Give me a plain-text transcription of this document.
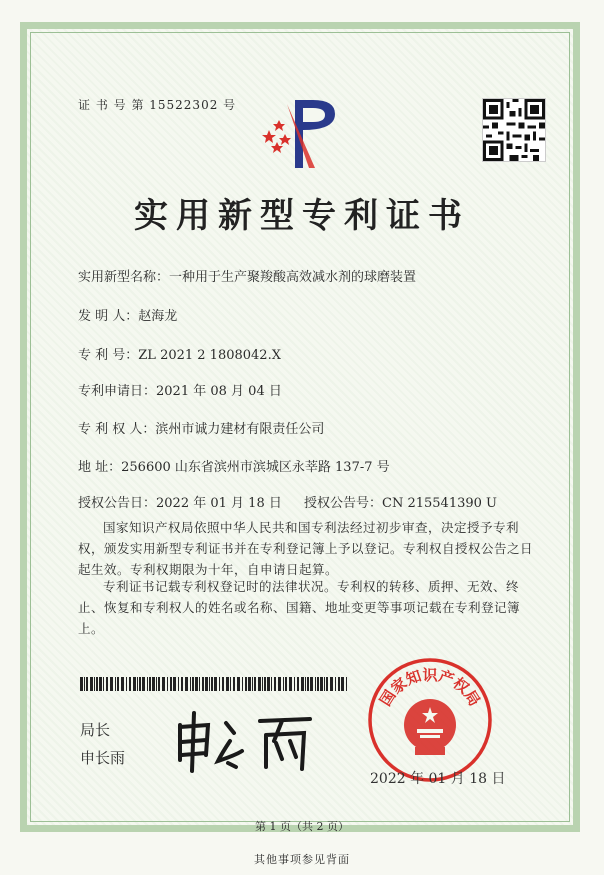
证 书 号 第 15522302 号
实用新型专利证书
实用新型名称：一种用于生产聚羧酸高效减水剂的球磨装置
发 明 人：赵海龙
专 利 号：ZL 2021 2 1808042.X
专利申请日：2021 年 08 月 04 日
专 利 权 人：滨州市诚力建材有限责任公司
地 址：256600 山东省滨州市滨城区永莘路 137-7 号
授权公告日：2022 年 01 月 18 日 授权公告号：CN 215541390 U
国家知识产权局依照中华人民共和国专利法经过初步审查，决定授予专利权，颁发实用新型专利证书并在专利登记簿上予以登记。专利权自授权公告之日起生效。专利权期限为十年，自申请日起算。
专利证书记载专利权登记时的法律状况。专利权的转移、质押、无效、终止、恢复和专利权人的姓名或名称、国籍、地址变更等事项记载在专利登记簿上。
局长
申长雨
国家知识产权局
2022 年 01 月 18 日
第 1 页（共 2 页）
其他事项参见背面
